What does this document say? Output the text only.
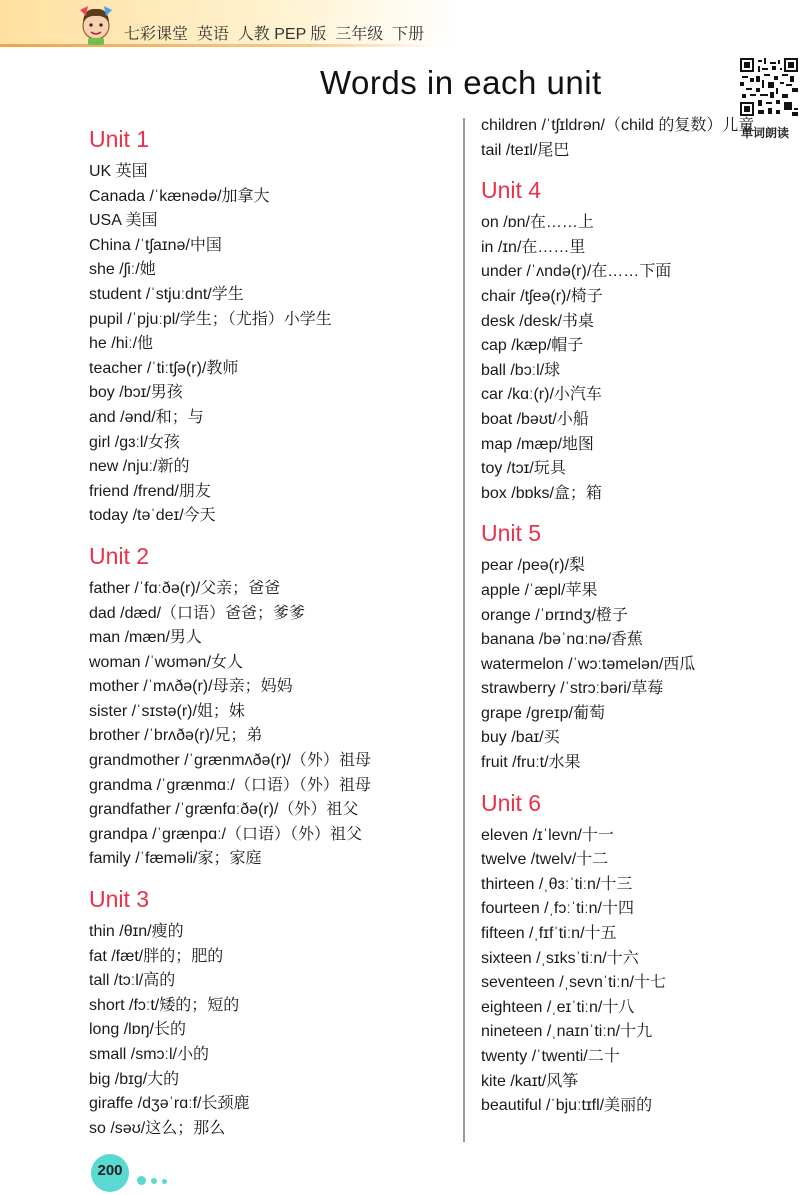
七彩课堂  英语  人教 PEP 版  三年级  下册
Words in each unit
单词朗读
Unit 1
UK 英国
Canada /ˈkænədə/加拿大
USA 美国
China /ˈtʃaɪnə/中国
she /ʃiː/她
student /ˈstjuːdnt/学生
pupil /ˈpjuːpl/学生；（尤指）小学生
he /hiː/他
teacher /ˈtiːtʃə(r)/教师
boy /bɔɪ/男孩
and /ənd/和；与
girl /ɡɜːl/女孩
new /njuː/新的
friend /frend/朋友
today /təˈdeɪ/今天
Unit 2
father /ˈfɑːðə(r)/父亲；爸爸
dad /dæd/（口语）爸爸；爹爹
man /mæn/男人
woman /ˈwʊmən/女人
mother /ˈmʌðə(r)/母亲；妈妈
sister /ˈsɪstə(r)/姐；妹
brother /ˈbrʌðə(r)/兄；弟
grandmother /ˈɡrænmʌðə(r)/（外）祖母
grandma /ˈɡrænmɑː/（口语）（外）祖母
grandfather /ˈɡrænfɑːðə(r)/（外）祖父
grandpa /ˈɡrænpɑː/（口语）（外）祖父
family /ˈfæməli/家；家庭
Unit 3
thin /θɪn/瘦的
fat /fæt/胖的；肥的
tall /tɔːl/高的
short /fɔːt/矮的；短的
long /lɒŋ/长的
small /smɔːl/小的
big /bɪɡ/大的
giraffe /dʒəˈrɑːf/长颈鹿
so /səʊ/这么；那么
children /ˈtʃɪldrən/（child 的复数）儿童
tail /teɪl/尾巴
Unit 4
on /ɒn/在……上
in /ɪn/在……里
under /ˈʌndə(r)/在……下面
chair /tʃeə(r)/椅子
desk /desk/书桌
cap /kæp/帽子
ball /bɔːl/球
car /kɑː(r)/小汽车
boat /bəʊt/小船
map /mæp/地图
toy /tɔɪ/玩具
box /bɒks/盒；箱
Unit 5
pear /peə(r)/梨
apple /ˈæpl/苹果
orange /ˈɒrɪndʒ/橙子
banana /bəˈnɑːnə/香蕉
watermelon /ˈwɔːtəmelən/西瓜
strawberry /ˈstrɔːbəri/草莓
grape /ɡreɪp/葡萄
buy /baɪ/买
fruit /fruːt/水果
Unit 6
eleven /ɪˈlevn/十一
twelve /twelv/十二
thirteen /ˌθɜːˈtiːn/十三
fourteen /ˌfɔːˈtiːn/十四
fifteen /ˌfɪfˈtiːn/十五
sixteen /ˌsɪksˈtiːn/十六
seventeen /ˌsevnˈtiːn/十七
eighteen /ˌeɪˈtiːn/十八
nineteen /ˌnaɪnˈtiːn/十九
twenty /ˈtwenti/二十
kite /kaɪt/风筝
beautiful /ˈbjuːtɪfl/美丽的
200
